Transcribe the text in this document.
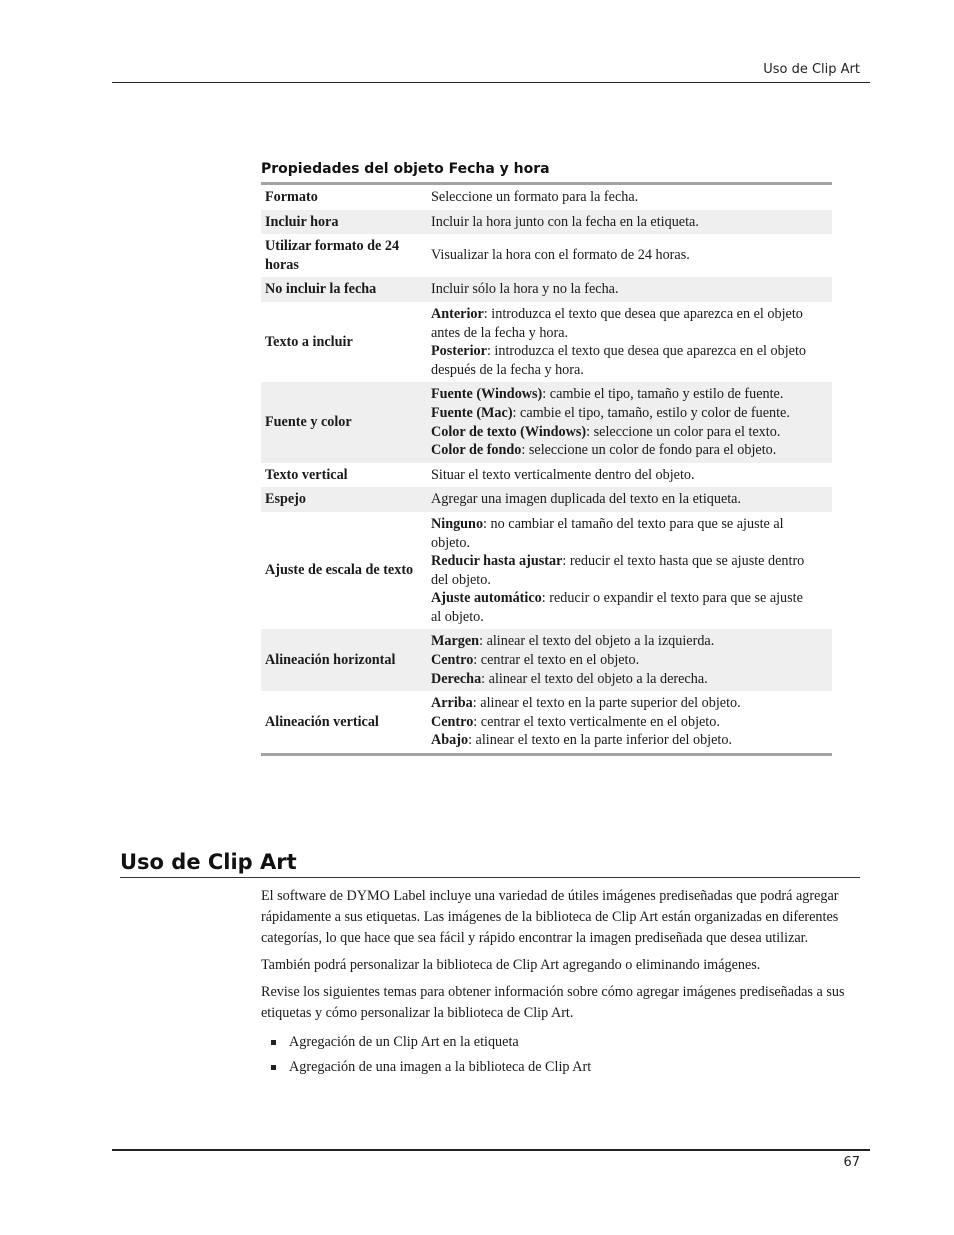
Uso de Clip Art
Propiedades del objeto Fecha y hora
Formato	Seleccione un formato para la fecha.

Incluir hora	Incluir la hora junto con la fecha en la etiqueta.

Utilizar formato de 24 horas	Visualizar la hora con el formato de 24 horas.

No incluir la fecha	Incluir sólo la hora y no la fecha.

Texto a incluir	Anterior: introduzca el texto que desea que aparezca en el objeto antes de la fecha y hora.
Posterior: introduzca el texto que desea que aparezca en el objeto después de la fecha y hora.

Fuente y color	Fuente (Windows): cambie el tipo, tamaño y estilo de fuente.
Fuente (Mac): cambie el tipo, tamaño, estilo y color de fuente.
Color de texto (Windows): seleccione un color para el texto.
Color de fondo: seleccione un color de fondo para el objeto.

Texto vertical	Situar el texto verticalmente dentro del objeto.

Espejo	Agregar una imagen duplicada del texto en la etiqueta.

Ajuste de escala de texto	Ninguno: no cambiar el tamaño del texto para que se ajuste al objeto.
Reducir hasta ajustar: reducir el texto hasta que se ajuste dentro del objeto.
Ajuste automático: reducir o expandir el texto para que se ajuste al objeto.

Alineación horizontal	Margen: alinear el texto del objeto a la izquierda.
Centro: centrar el texto en el objeto.
Derecha: alinear el texto del objeto a la derecha.

Alineación vertical	Arriba: alinear el texto en la parte superior del objeto.
Centro: centrar el texto verticalmente en el objeto.
Abajo: alinear el texto en la parte inferior del objeto.
Uso de Clip Art

El software de DYMO Label incluye una variedad de útiles imágenes prediseñadas que podrá agregar rápidamente a sus etiquetas. Las imágenes de la biblioteca de Clip Art están organizadas en diferentes categorías, lo que hace que sea fácil y rápido encontrar la imagen prediseñada que desea utilizar.

También podrá personalizar la biblioteca de Clip Art agregando o eliminando imágenes.

Revise los siguientes temas para obtener información sobre cómo agregar imágenes prediseñadas a sus etiquetas y cómo personalizar la biblioteca de Clip Art.

Agregación de un Clip Art en la etiqueta
Agregación de una imagen a la biblioteca de Clip Art
67
